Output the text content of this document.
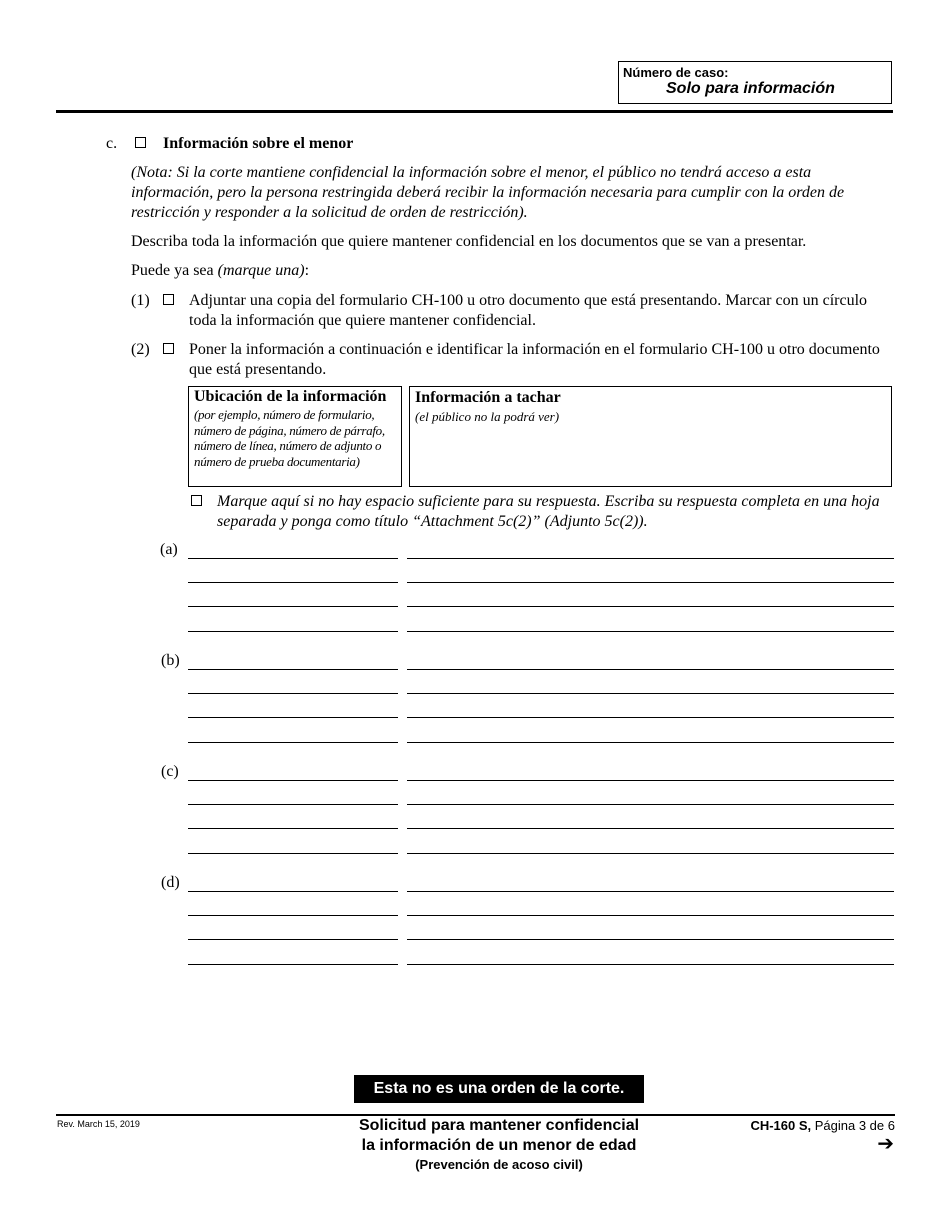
Número de caso:
Solo para información
c.	Información sobre el menor
(Nota: Si la corte mantiene confidencial la información sobre el menor, el público no tendrá acceso a esta información, pero la persona restringida deberá recibir la información necesaria para cumplir con la orden de restricción y responder a la solicitud de orden de restricción).
Describa toda la información que quiere mantener confidencial en los documentos que se van a presentar.
Puede ya sea (marque una):
(1) Adjuntar una copia del formulario CH-100 u otro documento que está presentando. Marcar con un círculo toda la información que quiere mantener confidencial.
(2) Poner la información a continuación e identificar la información en el formulario CH-100 u otro documento que está presentando.
Ubicación de la información
(por ejemplo, número de formulario, número de página, número de párrafo, número de línea, número de adjunto o número de prueba documentaria)
Información a tachar
(el público no la podrá ver)
Marque aquí si no hay espacio suficiente para su respuesta. Escriba su respuesta completa en una hoja separada y ponga como título “Attachment 5c(2)” (Adjunto 5c(2)).
(a)
(b)
(c)
(d)
Esta no es una orden de la corte.
Rev. March 15, 2019	Solicitud para mantener confidencial
la información de un menor de edad
(Prevención de acoso civil)
CH-160 S, Página 3 de 6
➔
